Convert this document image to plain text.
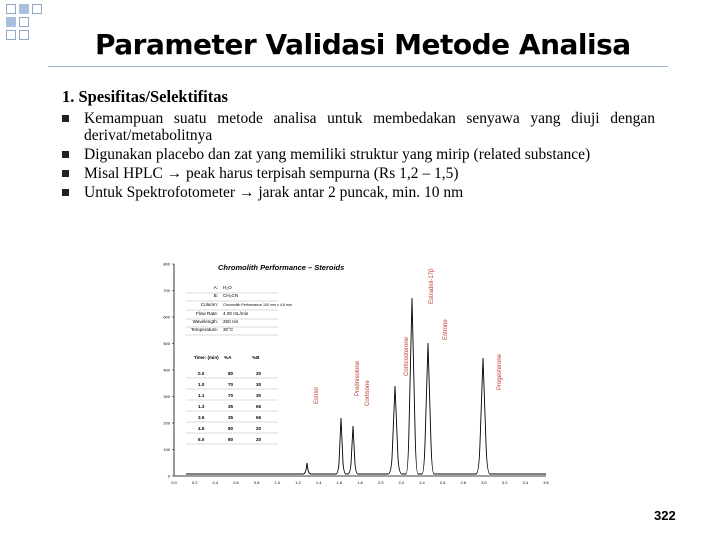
Parameter Validasi Metode Analisa
1. Spesifitas/Selektifitas
Kemampuan suatu metode analisa untuk membedakan senyawa yang diuji dengan derivat/metabolitnya
Digunakan placebo dan zat yang memiliki struktur yang mirip (related substance)
Misal HPLC → peak harus terpisah sempurna (Rs 1,2 – 1,5)
Untuk Spektrofotometer → jarak antar 2 puncak, min. 10 nm
800
700
600
500
400
300
200
100
0
0.0	0.2	0.4	0.6	0.8	1.0	1.2	1.4	1.6	1.8	2.0	2.2	2.4	2.6	2.8	3.0	3.2	3.4	3.6
Chromolith Performance – Steroids
A: H₂O
B: CH₃CN
Column: Chromolith Performance 100 mm x 4.6 mm
Flow Rate: 4.00 mL/min
Wavelength: 250 nm
Temperature: 30°C
Time: (min) %A	%B
0.0	80	20
1.0	70	30
1.1	70	30
1.3	35	65
3.6	35	65
4.6	80	20
6.0	80	20
Estriol	Prednisolone Cortisone
Corticosterone
Estradiol-17β
Estrone
Progesterone
322
